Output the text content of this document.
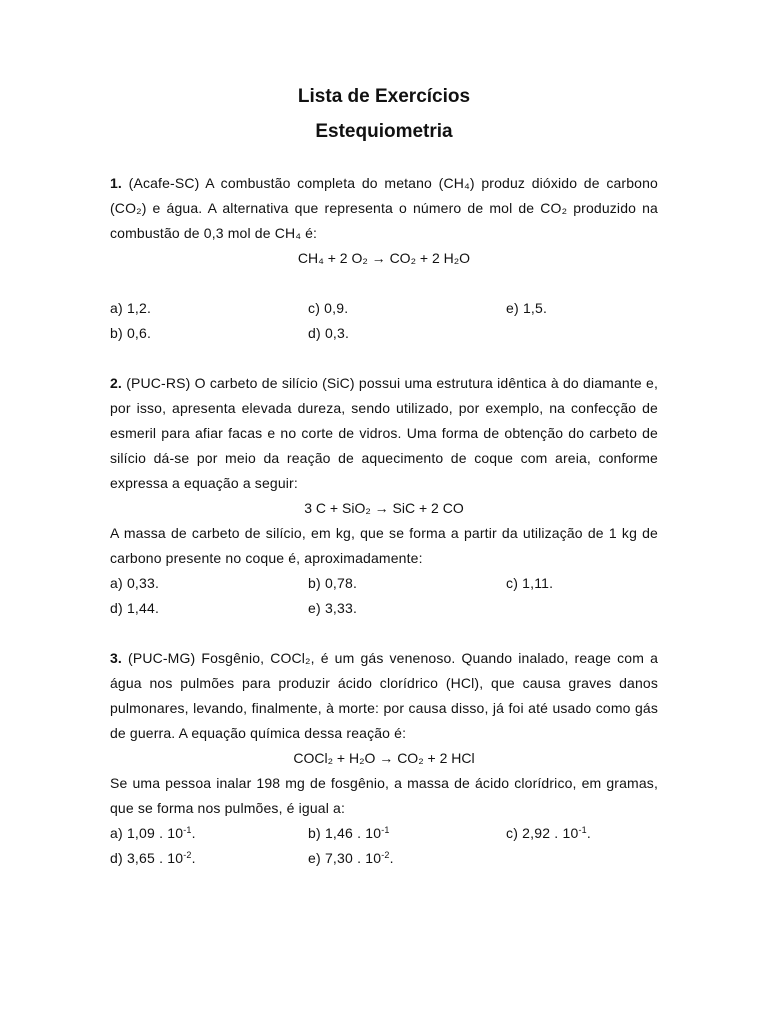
Lista de Exercícios
Estequiometria
1. (Acafe-SC) A combustão completa do metano (CH₄) produz dióxido de carbono (CO₂) e água. A alternativa que representa o número de mol de CO₂ produzido na combustão de 0,3 mol de CH₄ é:
CH₄ + 2 O₂ → CO₂ + 2 H₂O
a) 1,2.	c) 0,9.	e) 1,5.
b) 0,6.	d) 0,3.
2. (PUC-RS) O carbeto de silício (SiC) possui uma estrutura idêntica à do diamante e, por isso, apresenta elevada dureza, sendo utilizado, por exemplo, na confecção de esmeril para afiar facas e no corte de vidros. Uma forma de obtenção do carbeto de silício dá-se por meio da reação de aquecimento de coque com areia, conforme expressa a equação a seguir:
3 C + SiO₂ → SiC + 2 CO
A massa de carbeto de silício, em kg, que se forma a partir da utilização de 1 kg de carbono presente no coque é, aproximadamente:
a) 0,33.	b) 0,78.	c) 1,11.
d) 1,44.	e) 3,33.
3. (PUC-MG) Fosgênio, COCl₂, é um gás venenoso. Quando inalado, reage com a água nos pulmões para produzir ácido clorídrico (HCl), que causa graves danos pulmonares, levando, finalmente, à morte: por causa disso, já foi até usado como gás de guerra. A equação química dessa reação é:
COCl₂ + H₂O → CO₂ + 2 HCl
Se uma pessoa inalar 198 mg de fosgênio, a massa de ácido clorídrico, em gramas, que se forma nos pulmões, é igual a:
a) 1,09 . $10^{-1}$.	b) 1,46 . $10^{-1}$	c) 2,92 . $10^{-1}$.
d) 3,65 . $10^{-2}$.	e) 7,30 . $10^{-2}$.
